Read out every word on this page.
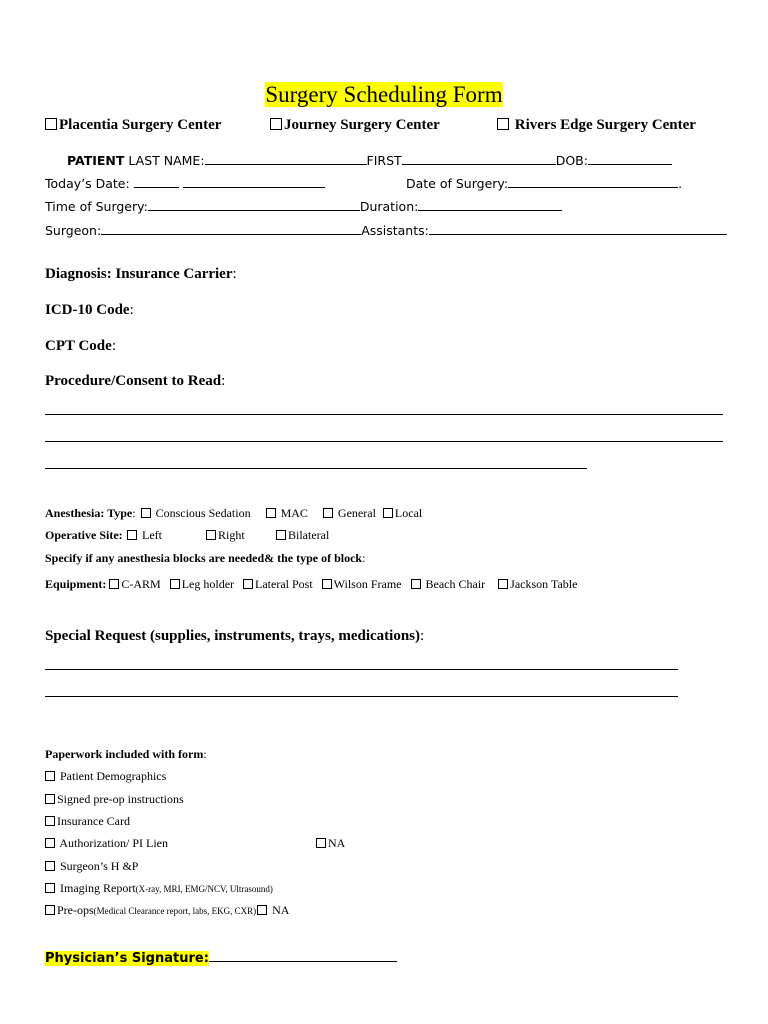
Surgery Scheduling Form
Placentia Surgery Center	Journey Surgery Center	Rivers Edge Surgery Center
PATIENT LAST NAME:	FIRST	DOB:
Today’s Date:	Date of Surgery:	.
Time of Surgery:	Duration:
Surgeon:	Assistants:
Diagnosis: Insurance Carrier:
ICD-10 Code:
CPT Code:
Procedure/Consent to Read:
Anesthesia: Type:  Conscious Sedation	MAC	General Local
Operative Site:	Left	Right	Bilateral
Specify if any anesthesia blocks are needed& the type of block:
Equipment: C-ARM Leg holder Lateral Post Wilson Frame Beach Chair Jackson Table
Special Request (supplies, instruments, trays, medications):
Paperwork included with form:
Patient Demographics
Signed pre-op instructions
Insurance Card
Authorization/ PI Lien	NA
Surgeon’s H &P
Imaging Report(X-ray, MRI, EMG/NCV, Ultrasound)
Pre-ops(Medical Clearance report, labs, EKG, CXR) NA
Physician’s Signature:
